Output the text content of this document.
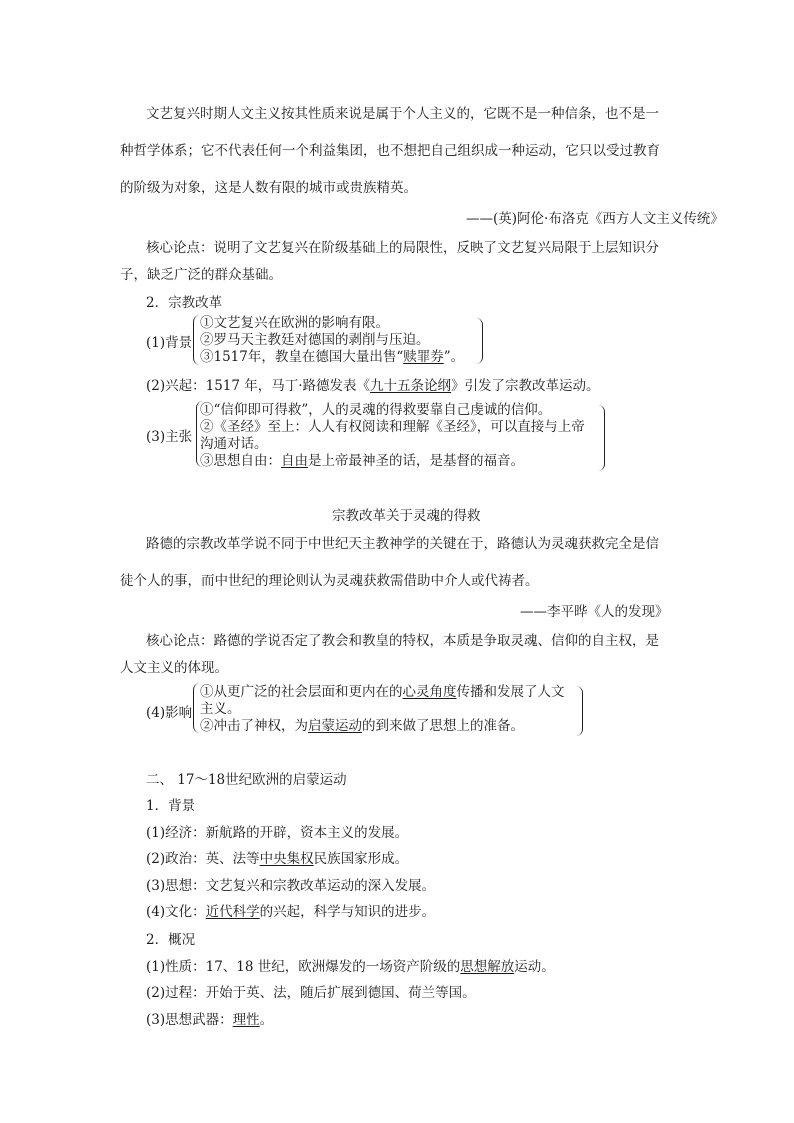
文艺复兴时期人文主义按其性质来说是属于个人主义的，它既不是一种信条，也不是一
种哲学体系；它不代表任何一个利益集团，也不想把自己组织成一种运动，它只以受过教育
的阶级为对象，这是人数有限的城市或贵族精英。
——(英)阿伦·布洛克《西方人文主义传统》
核心论点：说明了文艺复兴在阶级基础上的局限性，反映了文艺复兴局限于上层知识分
子，缺乏广泛的群众基础。
2．宗教改革
(1)背景
①文艺复兴在欧洲的影响有限。
②罗马天主教廷对德国的剥削与压迫。
③1517年，教皇在德国大量出售“赎罪券”。
(2)兴起：1517 年，马丁·路德发表《九十五条论纲》引发了宗教改革运动。
(3)主张
①“信仰即可得救”，人的灵魂的得救要靠自己虔诚的信仰。
②《圣经》至上：人人有权阅读和理解《圣经》，可以直接与上帝
沟通对话。
③思想自由：自由是上帝最神圣的话，是基督的福音。
宗教改革关于灵魂的得救
路德的宗教改革学说不同于中世纪天主教神学的关键在于，路德认为灵魂获救完全是信
徒个人的事，而中世纪的理论则认为灵魂获救需借助中介人或代祷者。
——李平晔《人的发现》
核心论点：路德的学说否定了教会和教皇的特权，本质是争取灵魂、信仰的自主权，是
人文主义的体现。
(4)影响
①从更广泛的社会层面和更内在的心灵角度传播和发展了人文
主义。
②冲击了神权，为启蒙运动的到来做了思想上的准备。
二、 17～18世纪欧洲的启蒙运动
1．背景
(1)经济：新航路的开辟，资本主义的发展。
(2)政治：英、法等中央集权民族国家形成。
(3)思想：文艺复兴和宗教改革运动的深入发展。
(4)文化：近代科学的兴起，科学与知识的进步。
2．概况
(1)性质：17、18 世纪，欧洲爆发的一场资产阶级的思想解放运动。
(2)过程：开始于英、法，随后扩展到德国、荷兰等国。
(3)思想武器：理性。
